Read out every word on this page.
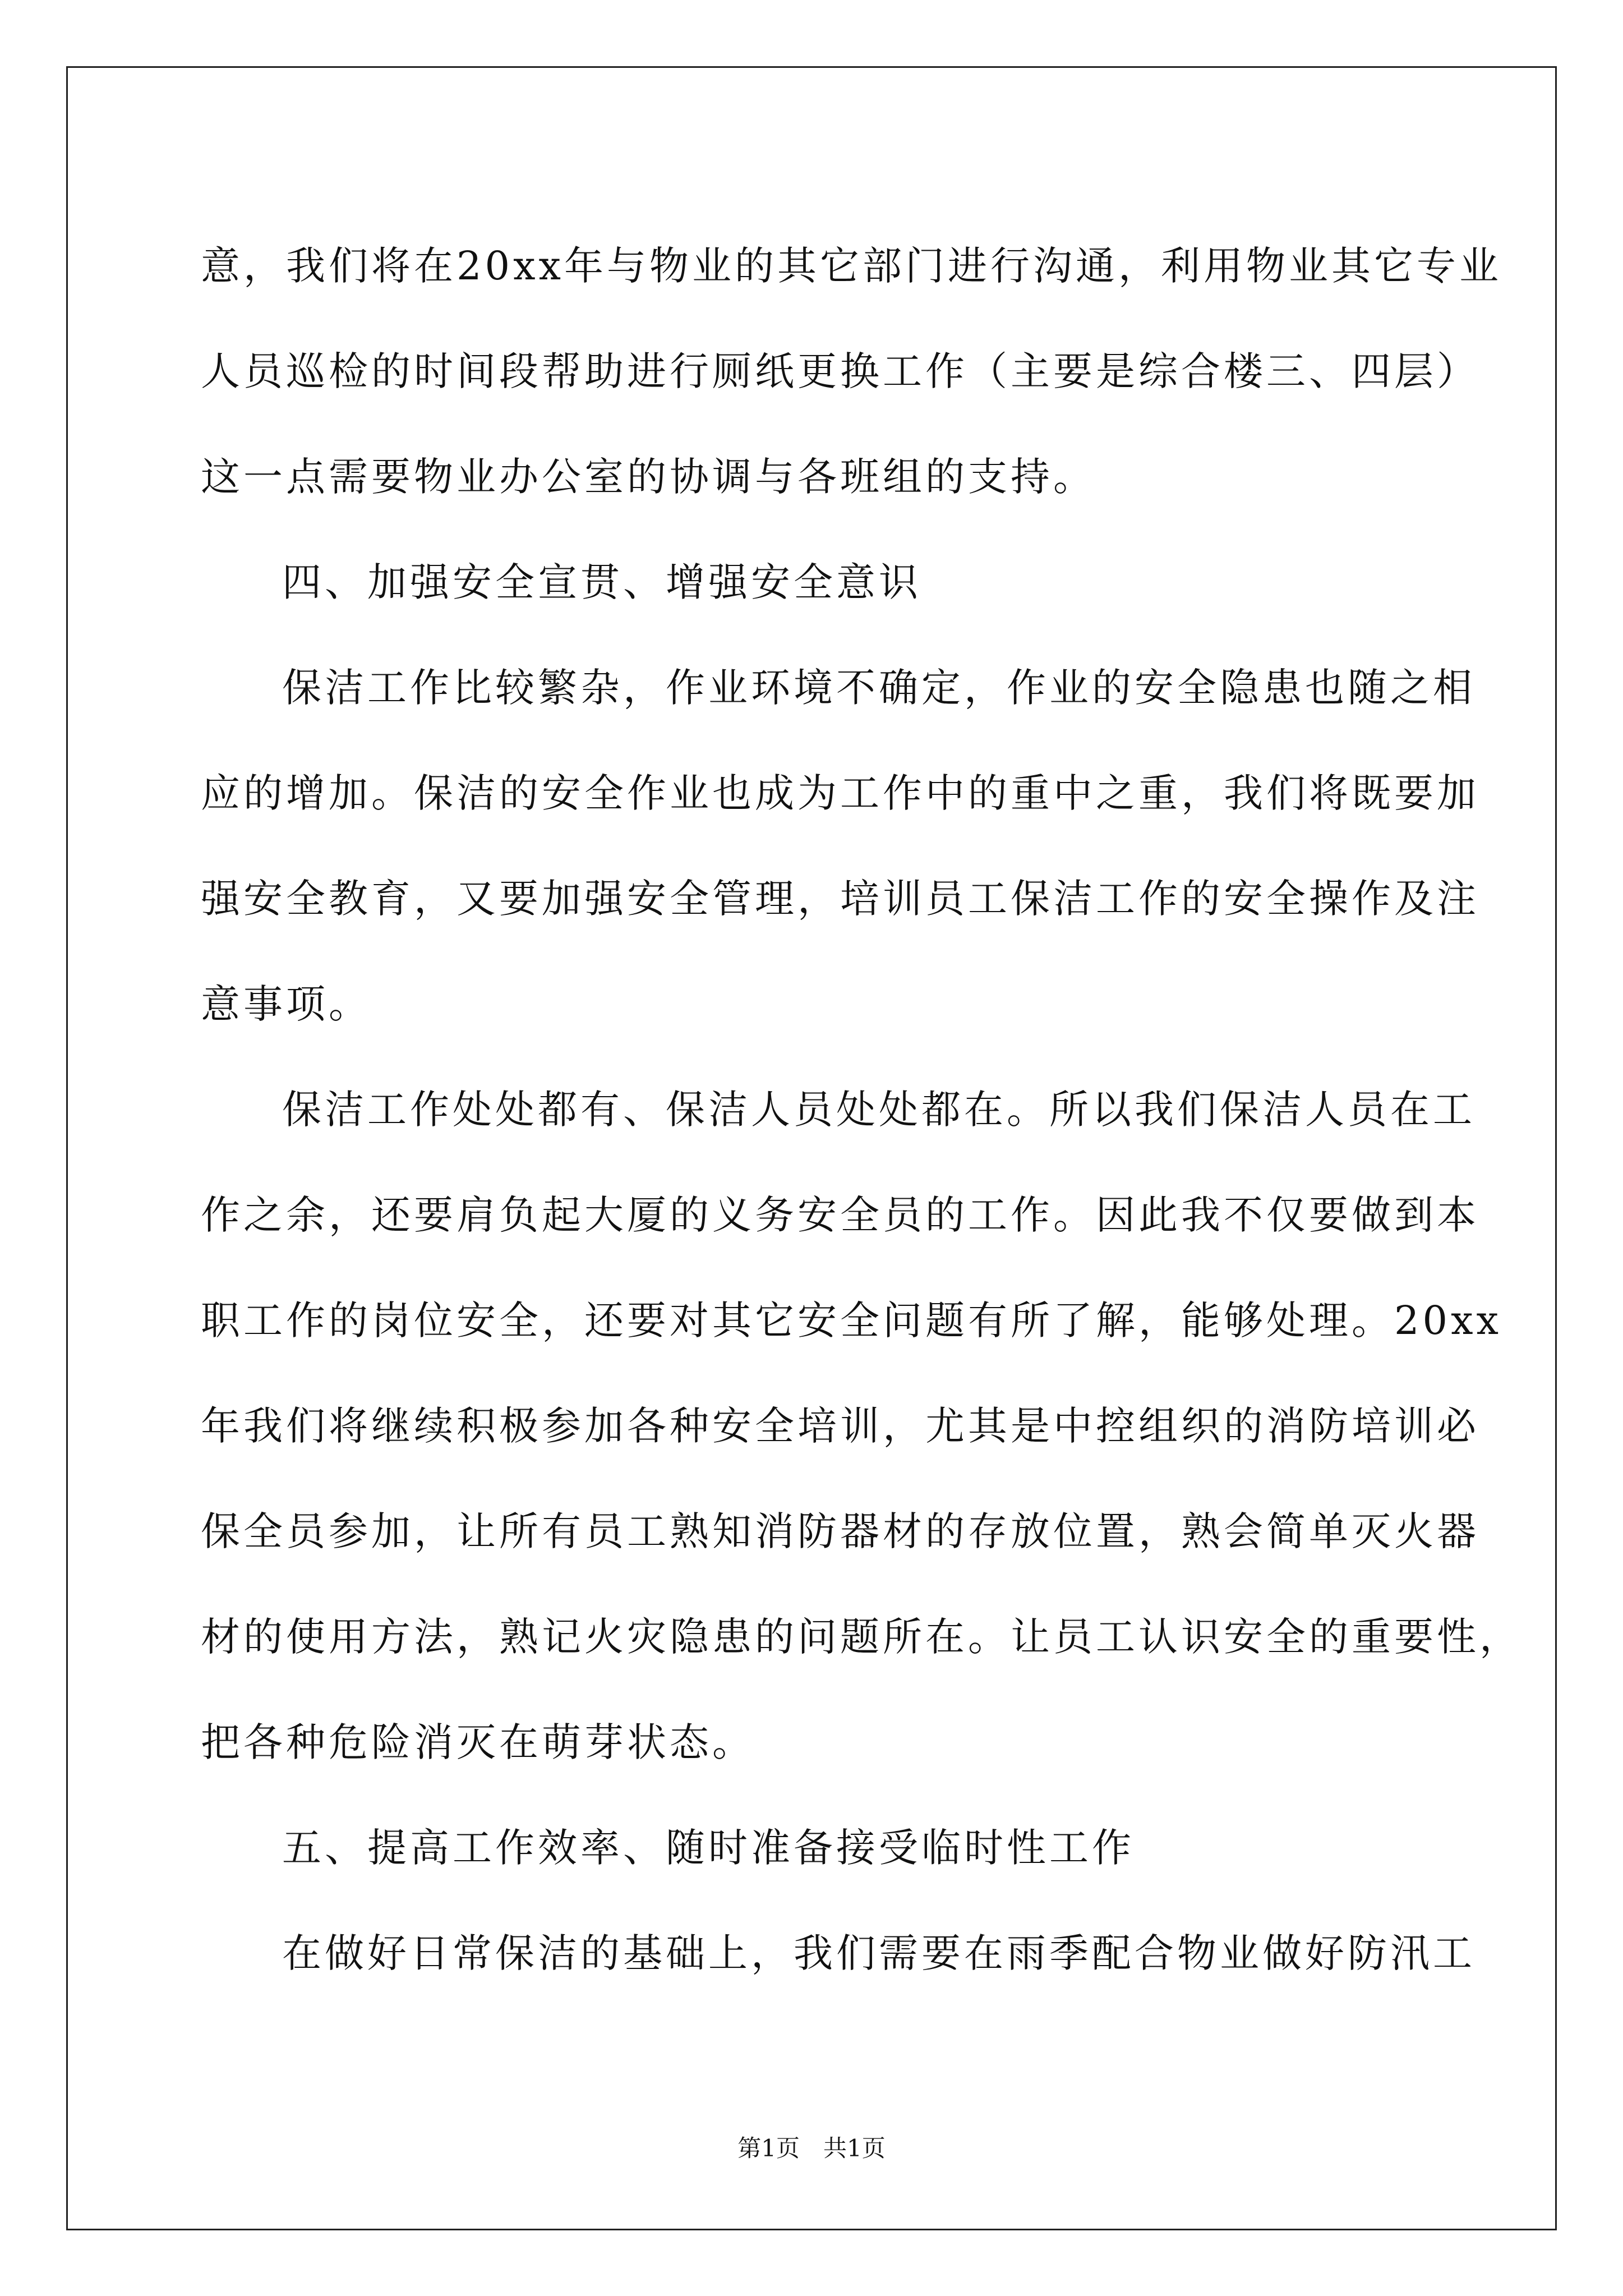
意，我们将在20xx年与物业的其它部门进行沟通，利用物业其它专业
人员巡检的时间段帮助进行厕纸更换工作（主要是综合楼三、四层）
这一点需要物业办公室的协调与各班组的支持。
四、加强安全宣贯、增强安全意识
保洁工作比较繁杂，作业环境不确定，作业的安全隐患也随之相
应的增加。保洁的安全作业也成为工作中的重中之重，我们将既要加
强安全教育，又要加强安全管理，培训员工保洁工作的安全操作及注
意事项。
保洁工作处处都有、保洁人员处处都在。所以我们保洁人员在工
作之余，还要肩负起大厦的义务安全员的工作。因此我不仅要做到本
职工作的岗位安全，还要对其它安全问题有所了解，能够处理。20xx
年我们将继续积极参加各种安全培训，尤其是中控组织的消防培训必
保全员参加，让所有员工熟知消防器材的存放位置，熟会简单灭火器
材的使用方法，熟记火灾隐患的问题所在。让员工认识安全的重要性，
把各种危险消灭在萌芽状态。
五、提高工作效率、随时准备接受临时性工作
在做好日常保洁的基础上，我们需要在雨季配合物业做好防汛工
第1页　共1页
